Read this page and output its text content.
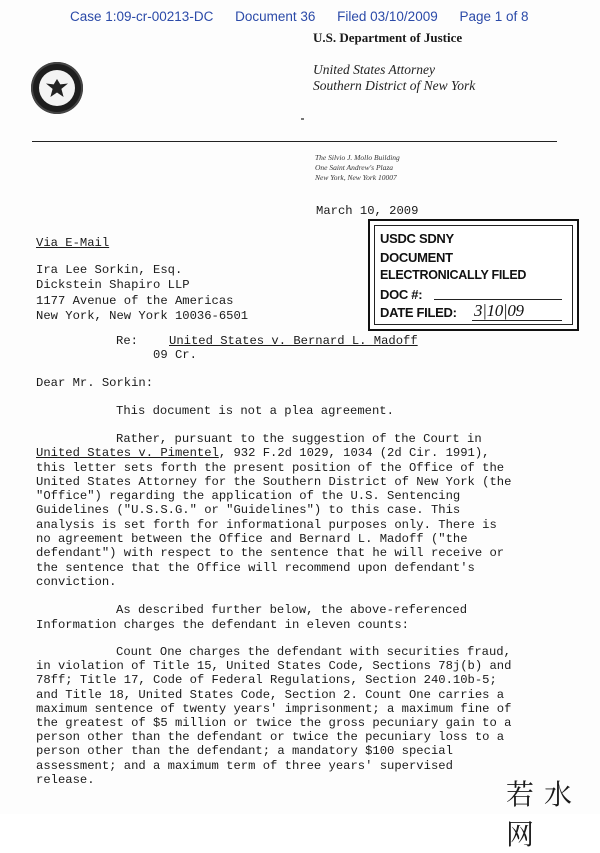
Case 1:09-cr-00213-DC Document 36 Filed 03/10/2009 Page 1 of 8
U.S. Department of Justice
United States Attorney
Southern District of New York
The Silvio J. Mollo Building
One Saint Andrew's Plaza
New York, New York 10007
March 10, 2009
USDC SDNY
DOCUMENT
ELECTRONICALLY FILED
DOC #:
DATE FILED: 3|10|09
Via E-Mail
Ira Lee Sorkin, Esq.
Dickstein Shapiro LLP
1177 Avenue of the Americas
New York, New York 10036-6501
Re:	United States v. Bernard L. Madoff
09 Cr.
Dear Mr. Sorkin:
This document is not a plea agreement.
Rather, pursuant to the suggestion of the Court in
United States v. Pimentel, 932 F.2d 1029, 1034 (2d Cir. 1991),
this letter sets forth the present position of the Office of the
United States Attorney for the Southern District of New York (the
"Office") regarding the application of the U.S. Sentencing
Guidelines ("U.S.S.G." or "Guidelines") to this case. This
analysis is set forth for informational purposes only. There is
no agreement between the Office and Bernard L. Madoff ("the
defendant") with respect to the sentence that he will receive or
the sentence that the Office will recommend upon defendant's
conviction.
As described further below, the above-referenced
Information charges the defendant in eleven counts:
Count One charges the defendant with securities fraud,
in violation of Title 15, United States Code, Sections 78j(b) and
78ff; Title 17, Code of Federal Regulations, Section 240.10b-5;
and Title 18, United States Code, Section 2. Count One carries a
maximum sentence of twenty years' imprisonment; a maximum fine of
the greatest of $5 million or twice the gross pecuniary gain to a
person other than the defendant or twice the pecuniary loss to a
person other than the defendant; a mandatory $100 special
assessment; and a maximum term of three years' supervised
release.	若水网
